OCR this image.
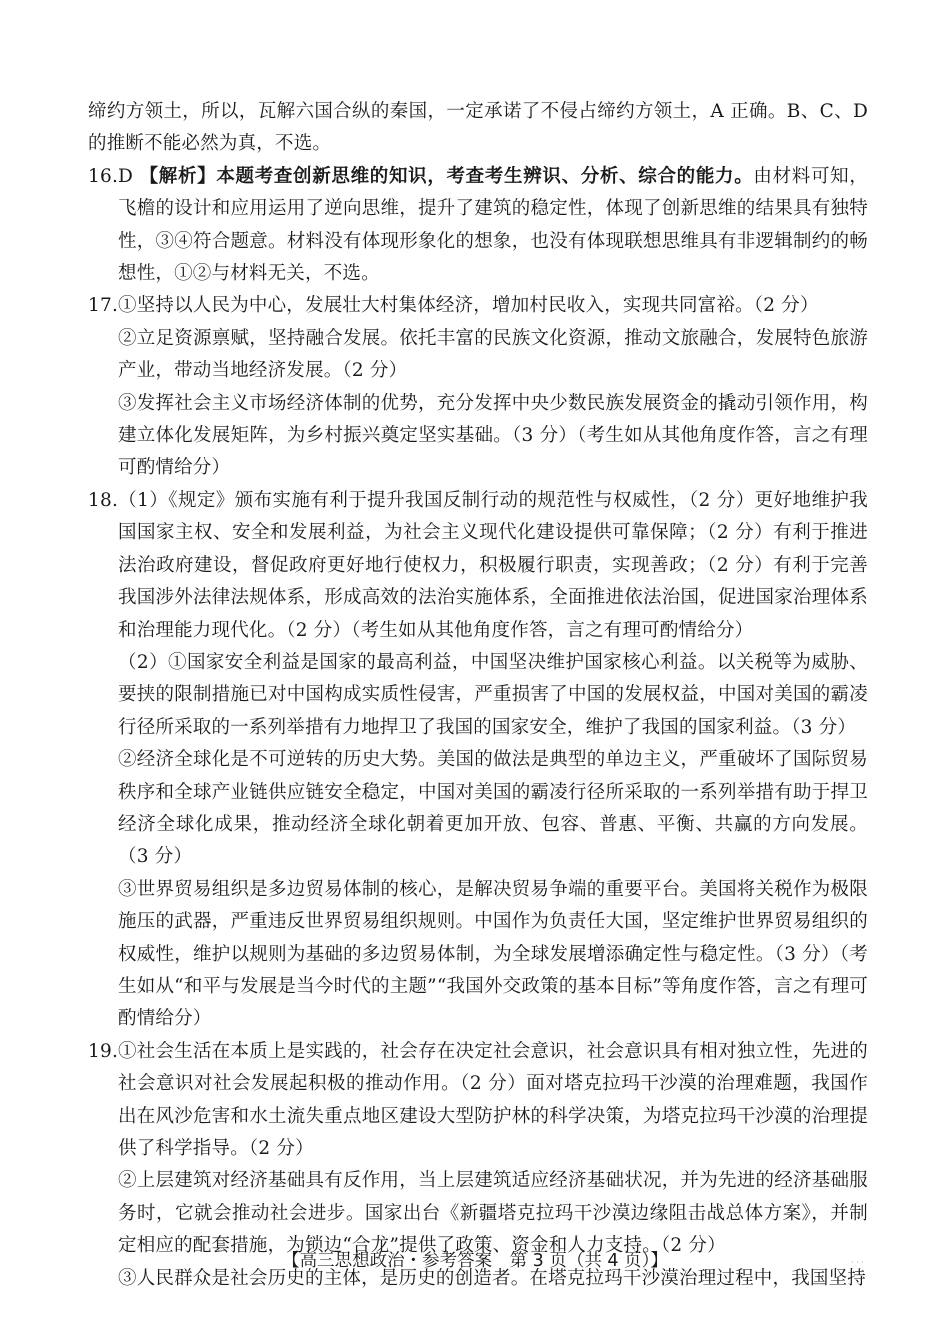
缔约方领土，所以，瓦解六国合纵的秦国，一定承诺了不侵占缔约方领土，A 正确。B、C、D 的推断不能必然为真，不选。

16.D 【解析】本题考查创新思维的知识，考查考生辨识、分析、综合的能力。由材料可知，飞檐的设计和应用运用了逆向思维，提升了建筑的稳定性，体现了创新思维的结果具有独特性，③④符合题意。材料没有体现形象化的想象，也没有体现联想思维具有非逻辑制约的畅想性，①②与材料无关，不选。

17.①坚持以人民为中心，发展壮大村集体经济，增加村民收入，实现共同富裕。（2 分）

②立足资源禀赋，坚持融合发展。依托丰富的民族文化资源，推动文旅融合，发展特色旅游产业，带动当地经济发展。（2 分）

③发挥社会主义市场经济体制的优势，充分发挥中央少数民族发展资金的撬动引领作用，构建立体化发展矩阵，为乡村振兴奠定坚实基础。（3 分）（考生如从其他角度作答，言之有理可酌情给分）

18.（1）《规定》颁布实施有利于提升我国反制行动的规范性与权威性，（2 分）更好地维护我国国家主权、安全和发展利益，为社会主义现代化建设提供可靠保障；（2 分）有利于推进法治政府建设，督促政府更好地行使权力，积极履行职责，实现善政；（2 分）有利于完善我国涉外法律法规体系，形成高效的法治实施体系，全面推进依法治国，促进国家治理体系和治理能力现代化。（2 分）（考生如从其他角度作答，言之有理可酌情给分）

（2）①国家安全利益是国家的最高利益，中国坚决维护国家核心利益。以关税等为威胁、要挟的限制措施已对中国构成实质性侵害，严重损害了中国的发展权益，中国对美国的霸凌行径所采取的一系列举措有力地捍卫了我国的国家安全，维护了我国的国家利益。（3 分）

②经济全球化是不可逆转的历史大势。美国的做法是典型的单边主义，严重破坏了国际贸易秩序和全球产业链供应链安全稳定，中国对美国的霸凌行径所采取的一系列举措有助于捍卫经济全球化成果，推动经济全球化朝着更加开放、包容、普惠、平衡、共赢的方向发展。（3 分）

③世界贸易组织是多边贸易体制的核心，是解决贸易争端的重要平台。美国将关税作为极限施压的武器，严重违反世界贸易组织规则。中国作为负责任大国，坚定维护世界贸易组织的权威性，维护以规则为基础的多边贸易体制，为全球发展增添确定性与稳定性。（3 分）（考生如从“和平与发展是当今时代的主题”“我国外交政策的基本目标”等角度作答，言之有理可酌情给分）

19.①社会生活在本质上是实践的，社会存在决定社会意识，社会意识具有相对独立性，先进的社会意识对社会发展起积极的推动作用。（2 分）面对塔克拉玛干沙漠的治理难题，我国作出在风沙危害和水土流失重点地区建设大型防护林的科学决策，为塔克拉玛干沙漠的治理提供了科学指导。（2 分）

②上层建筑对经济基础具有反作用，当上层建筑适应经济基础状况，并为先进的经济基础服务时，它就会推动社会进步。国家出台《新疆塔克拉玛干沙漠边缘阻击战总体方案》，并制定相应的配套措施，为锁边“合龙”提供了政策、资金和人力支持。（2 分）

③人民群众是社会历史的主体，是历史的创造者。在塔克拉玛干沙漠治理过程中，我国坚持

【高三思想政治・参考答案　第 3 页（共 4 页）】	· · ·
